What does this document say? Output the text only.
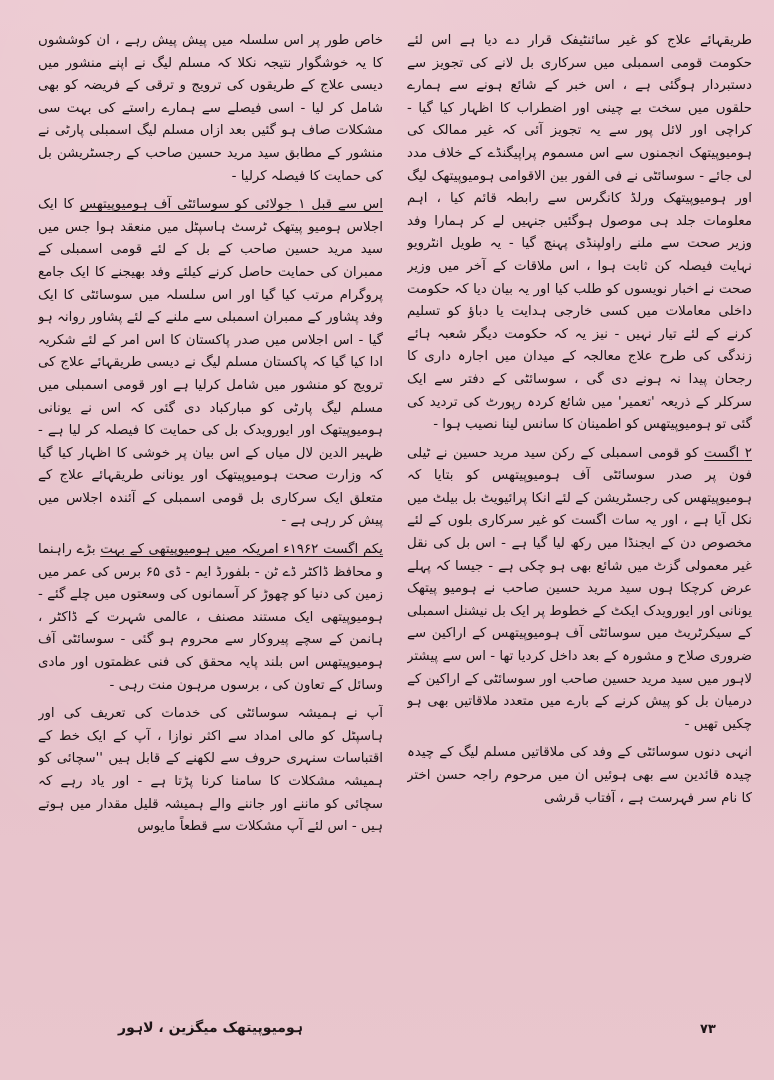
طریقہائے علاج کو غیر سائنٹیفک قرار دے دیا ہے اس لئے حکومت قومی اسمبلی میں سرکاری بل لانے کی تجویز سے دستبردار ہوگئی ہے ، اس خبر کے شائع ہونے سے ہمارے حلقوں میں سخت بے چینی اور اضطراب کا اظہار کیا گیا - کراچی اور لائل پور سے یہ تجویز آئی کہ غیر ممالک کی ہومیوپیتھک انجمنوں سے اس مسموم پراپیگنڈے کے خلاف مدد لی جائے - سوسائٹی نے فی الفور بین الاقوامی ہومیوپیتھک لیگ اور ہومیوپیتھک ورلڈ کانگرس سے رابطہ قائم کیا ، اہم معلومات جلد ہی موصول ہوگئیں جنہیں لے کر ہمارا وفد وزیر صحت سے ملنے راولپنڈی پہنچ گیا - یہ طویل انٹرویو نہایت فیصلہ کن ثابت ہوا ، اس ملاقات کے آخر میں وزیر صحت نے اخبار نویسوں کو طلب کیا اور یہ بیان دیا کہ حکومت داخلی معاملات میں کسی خارجی ہدایت یا دباؤ کو تسلیم کرنے کے لئے تیار نہیں - نیز یہ کہ حکومت دیگر شعبہ ہائے زندگی کی طرح علاج معالجہ کے میدان میں اجارہ داری کا رجحان پیدا نہ ہونے دی گی ، سوسائٹی کے دفتر سے ایک سرکلر کے ذریعہ 'تعمیر' میں شائع کردہ رپورٹ کی تردید کی گئی تو ہومیوپیتھس کو اطمینان کا سانس لینا نصیب ہوا -

۲ اگست کو قومی اسمبلی کے رکن سید مرید حسین نے ٹیلی فون پر صدر سوسائٹی آف ہومیوپیتھس کو بتایا کہ ہومیوپیتھس کی رجسٹریشن کے لئے انکا پرائیویٹ بل بیلٹ میں نکل آیا ہے ، اور یہ سات اگست کو غیر سرکاری بلوں کے لئے مخصوص دن کے ایجنڈا میں رکھ لیا گیا ہے - اس بل کی نقل غیر معمولی گزٹ میں شائع بھی ہو چکی ہے - جیسا کہ پہلے عرض کرچکا ہوں سید مرید حسین صاحب نے ہومیو پیتھک یونانی اور ایورویدک ایکٹ کے خطوط پر ایک بل نیشنل اسمبلی کے سیکرٹریٹ میں سوسائٹی آف ہومیوپیتھس کے اراکین سے ضروری صلاح و مشورہ کے بعد داخل کردیا تھا - اس سے پیشتر لاہور میں سید مرید حسین صاحب اور سوسائٹی کے اراکین کے درمیان بل کو پیش کرنے کے بارے میں متعدد ملاقاتیں بھی ہو چکیں تھیں -

انہی دنوں سوسائٹی کے وفد کی ملاقاتیں مسلم لیگ کے چیدہ چیدہ قائدین سے بھی ہوئیں ان میں مرحوم راجہ حسن اختر کا نام سر فہرست ہے ، آفتاب قرشی

خاص طور پر اس سلسلہ میں پیش پیش رہے ، ان کوششوں کا یہ خوشگوار نتیجہ نکلا کہ مسلم لیگ نے اپنے منشور میں دیسی علاج کے طریقوں کی ترویج و ترقی کے فریضہ کو بھی شامل کر لیا - اسی فیصلے سے ہمارے راستے کی بہت سی مشکلات صاف ہو گئیں بعد ازاں مسلم لیگ اسمبلی پارٹی نے منشور کے مطابق سید مرید حسین صاحب کے رجسٹریشن بل کی حمایت کا فیصلہ کرلیا -

اس سے قبل ۱ جولائی کو سوسائٹی آف ہومیوپیتھس کا ایک اجلاس ہومیو پیتھک ٹرسٹ ہاسپٹل میں منعقد ہوا جس میں سید مرید حسین صاحب کے بل کے لئے قومی اسمبلی کے ممبران کی حمایت حاصل کرنے کیلئے وفد بھیجنے کا ایک جامع پروگرام مرتب کیا گیا اور اس سلسلہ میں سوسائٹی کا ایک وفد پشاور کے ممبران اسمبلی سے ملنے کے لئے پشاور روانہ ہو گیا - اس اجلاس میں صدر پاکستان کا اس امر کے لئے شکریہ ادا کیا گیا کہ پاکستان مسلم لیگ نے دیسی طریقہائے علاج کی ترویج کو منشور میں شامل کرلیا ہے اور قومی اسمبلی میں مسلم لیگ پارٹی کو مبارکباد دی گئی کہ اس نے یونانی ہومیوپیتھک اور ایورویدک بل کی حمایت کا فیصلہ کر لیا ہے - ظہیر الدین لال میاں کے اس بیان پر خوشی کا اظہار کیا گیا کہ وزارت صحت ہومیوپیتھک اور یونانی طریقہائے علاج کے متعلق ایک سرکاری بل قومی اسمبلی کے آئندہ اجلاس میں پیش کر رہی ہے -

یکم اگست ۱۹۶۲ء امریکہ میں ہومیوپیتھی کے بہت بڑے راہنما و محافظ ڈاکٹر ڈے ٹن - بلفورڈ ایم - ڈی ۶۵ برس کی عمر میں زمین کی دنیا کو چھوڑ کر آسمانوں کی وسعتوں میں چلے گئے - ہومیوپیتھی ایک مستند مصنف ، عالمی شہرت کے ڈاکٹر ، ہانمن کے سچے پیروکار سے محروم ہو گئی - سوسائٹی آف ہومیوپیتھس اس بلند پایہ محقق کی فنی عظمتوں اور مادی وسائل کے تعاون کی ، برسوں مرہون منت رہی -

آپ نے ہمیشہ سوسائٹی کی خدمات کی تعریف کی اور ہاسپٹل کو مالی امداد سے اکثر نوازا ، آپ کے ایک خط کے اقتباسات سنہری حروف سے لکھنے کے قابل ہیں ''سچائی کو ہمیشہ مشکلات کا سامنا کرنا پڑتا ہے - اور یاد رہے کہ سچائی کو ماننے اور جاننے والے ہمیشہ قلیل مقدار میں ہوتے ہیں - اس لئے آپ مشکلات سے قطعاً مایوس

ہومیوپیتھک میگزین ، لاہور	۷۳
